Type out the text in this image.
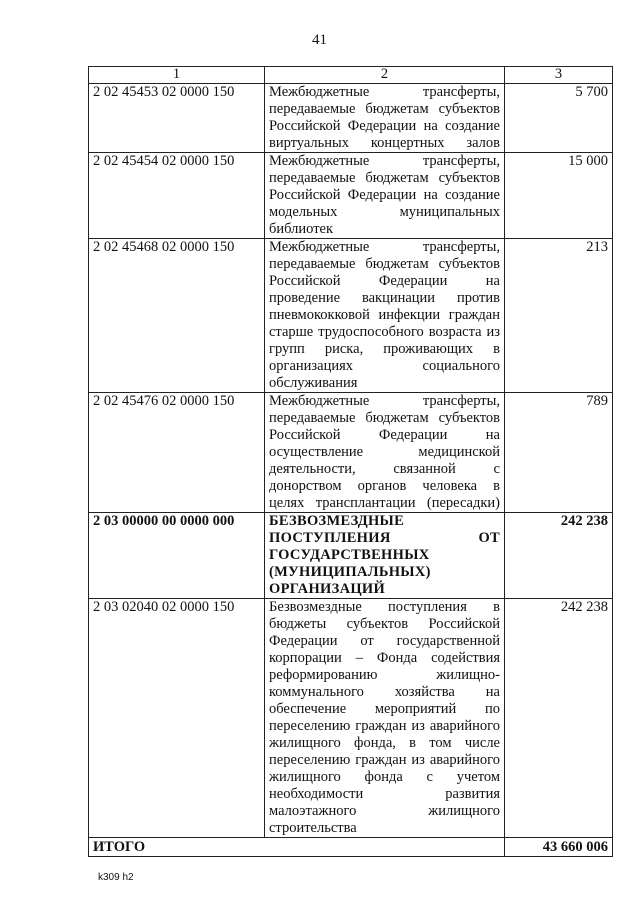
41
1	2	3
2 02 45453 02 0000 150	Межбюджетные трансферты, передаваемые бюджетам субъектов Российской Федерации на создание виртуальных концертных залов	5 700
2 02 45454 02 0000 150	Межбюджетные трансферты, передаваемые бюджетам субъектов Российской Федерации на создание модельных муниципальных библиотек	15 000
2 02 45468 02 0000 150	Межбюджетные трансферты, передаваемые бюджетам субъектов Российской Федерации на проведение вакцинации против пневмококковой инфекции граждан старше трудоспособного возраста из групп риска, проживающих в организациях социального обслуживания	213
2 02 45476 02 0000 150	Межбюджетные трансферты, передаваемые бюджетам субъектов Российской Федерации на осуществление медицинской деятельности, связанной с донорством органов человека в целях трансплантации (пересадки)	789
2 03 00000 00 0000 000	БЕЗВОЗМЕЗДНЫЕ ПОСТУПЛЕНИЯ ОТ ГОСУДАРСТВЕННЫХ (МУНИЦИПАЛЬНЫХ) ОРГАНИЗАЦИЙ	242 238
2 03 02040 02 0000 150	Безвозмездные поступления в бюджеты субъектов Российской Федерации от государственной корпорации – Фонда содействия реформированию жилищно-коммунального хозяйства на обеспечение мероприятий по переселению граждан из аварийного жилищного фонда, в том числе переселению граждан из аварийного жилищного фонда с учетом необходимости развития малоэтажного жилищного строительства	242 238
ИТОГО		43 660 006
k309 h2
